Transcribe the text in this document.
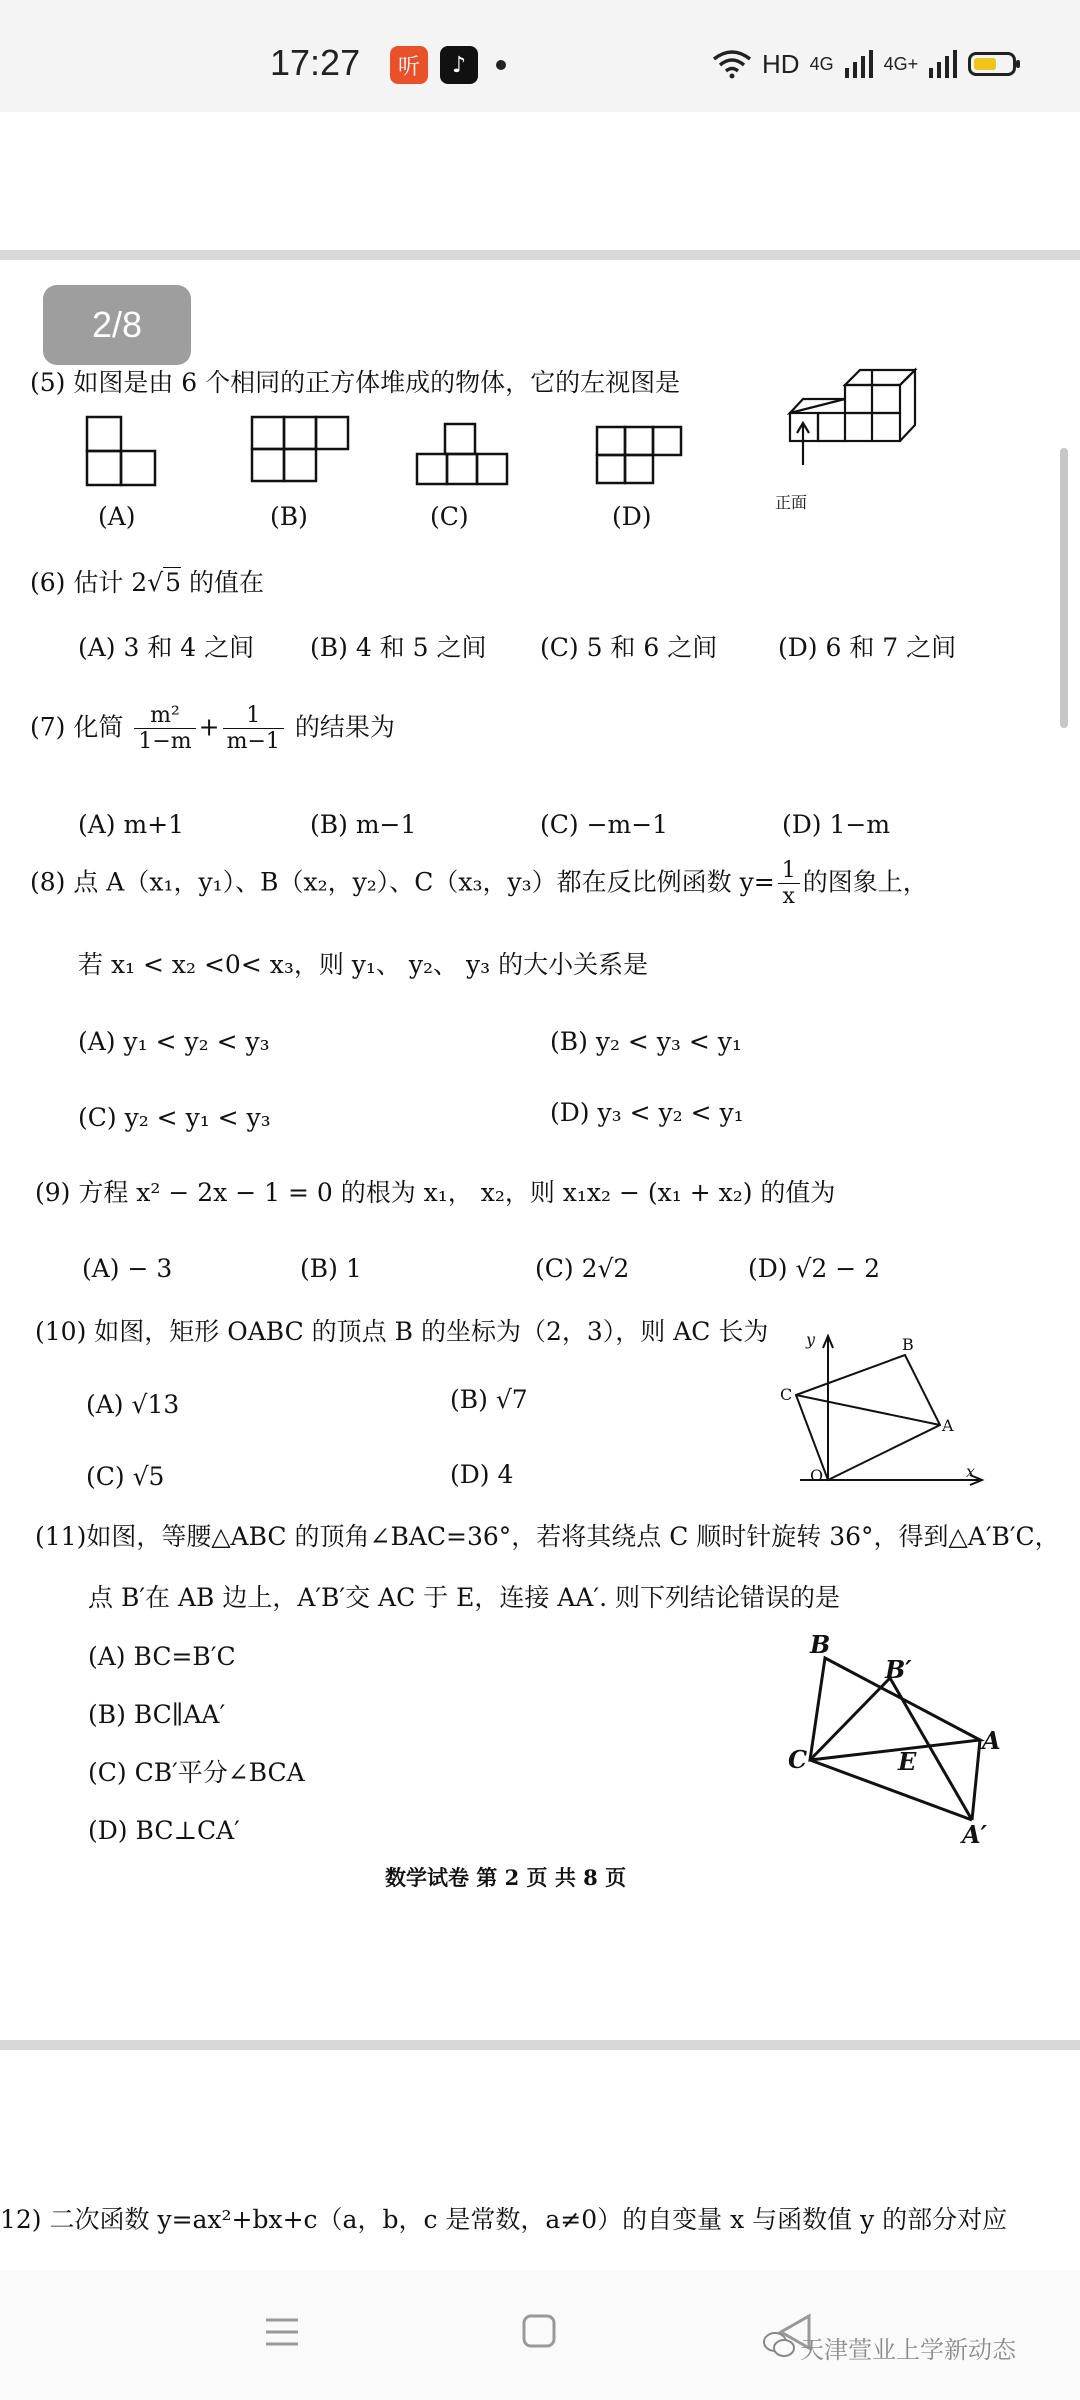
17:27	听	♪	HD 4G	4G+
2/8
(5) 如图是由 6 个相同的正方体堆成的物体，它的左视图是
正面
(A)	(B)	(C)	(D)
(6) 估计 2√5 的值在
(A) 3 和 4 之间 (B) 4 和 5 之间 (C) 5 和 6 之间 (D) 6 和 7 之间
(7) 化简 $\frac{\text{m²}}{1-m} + \frac{1}{m-1}$ 的结果为
(A) m+1	(B) m−1	(C) −m−1	(D) 1−m
(8) 点 A（x₁，y₁）、B（x₂，y₂）、C（x₃，y₃）都在反比例函数 $y= \frac{1}{x}$ 的图象上，
若 x₁ < x₂ <0< x₃，则 y₁、 y₂、 y₃ 的大小关系是
(A) y₁ < y₂ < y₃	(B) y₂ < y₃ < y₁
(C) y₂ < y₁ < y₃	(D) y₃ < y₂ < y₁
(9) 方程 x² − 2x − 1 = 0 的根为 x₁， x₂，则 x₁x₂ − (x₁ + x₂) 的值为
(A) − 3	(B) 1	(C) 2√2	(D) √2 − 2
(10) 如图，矩形 OABC 的顶点 B 的坐标为（2，3），则 AC 长为
(A) √13	(B) √7
(C) √5	(D) 4
y
x
O
A
B
C
(11)如图，等腰△ABC 的顶角∠BAC=36°，若将其绕点 C 顺时针旋转 36°，得到△A′B′C，
点 B′在 AB 边上，A′B′交 AC 于 E，连接 AA′. 则下列结论错误的是
(A) BC=B′C
(B) BC∥AA′
(C) CB′平分∠BCA
(D) BC⊥CA′
B
B′
C	E
A
A′
数学试卷 第 2 页 共 8 页
12) 二次函数 y=ax²+bx+c（a，b，c 是常数，a≠0）的自变量 x 与函数值 y 的部分对应
天津萱业上学新动态
